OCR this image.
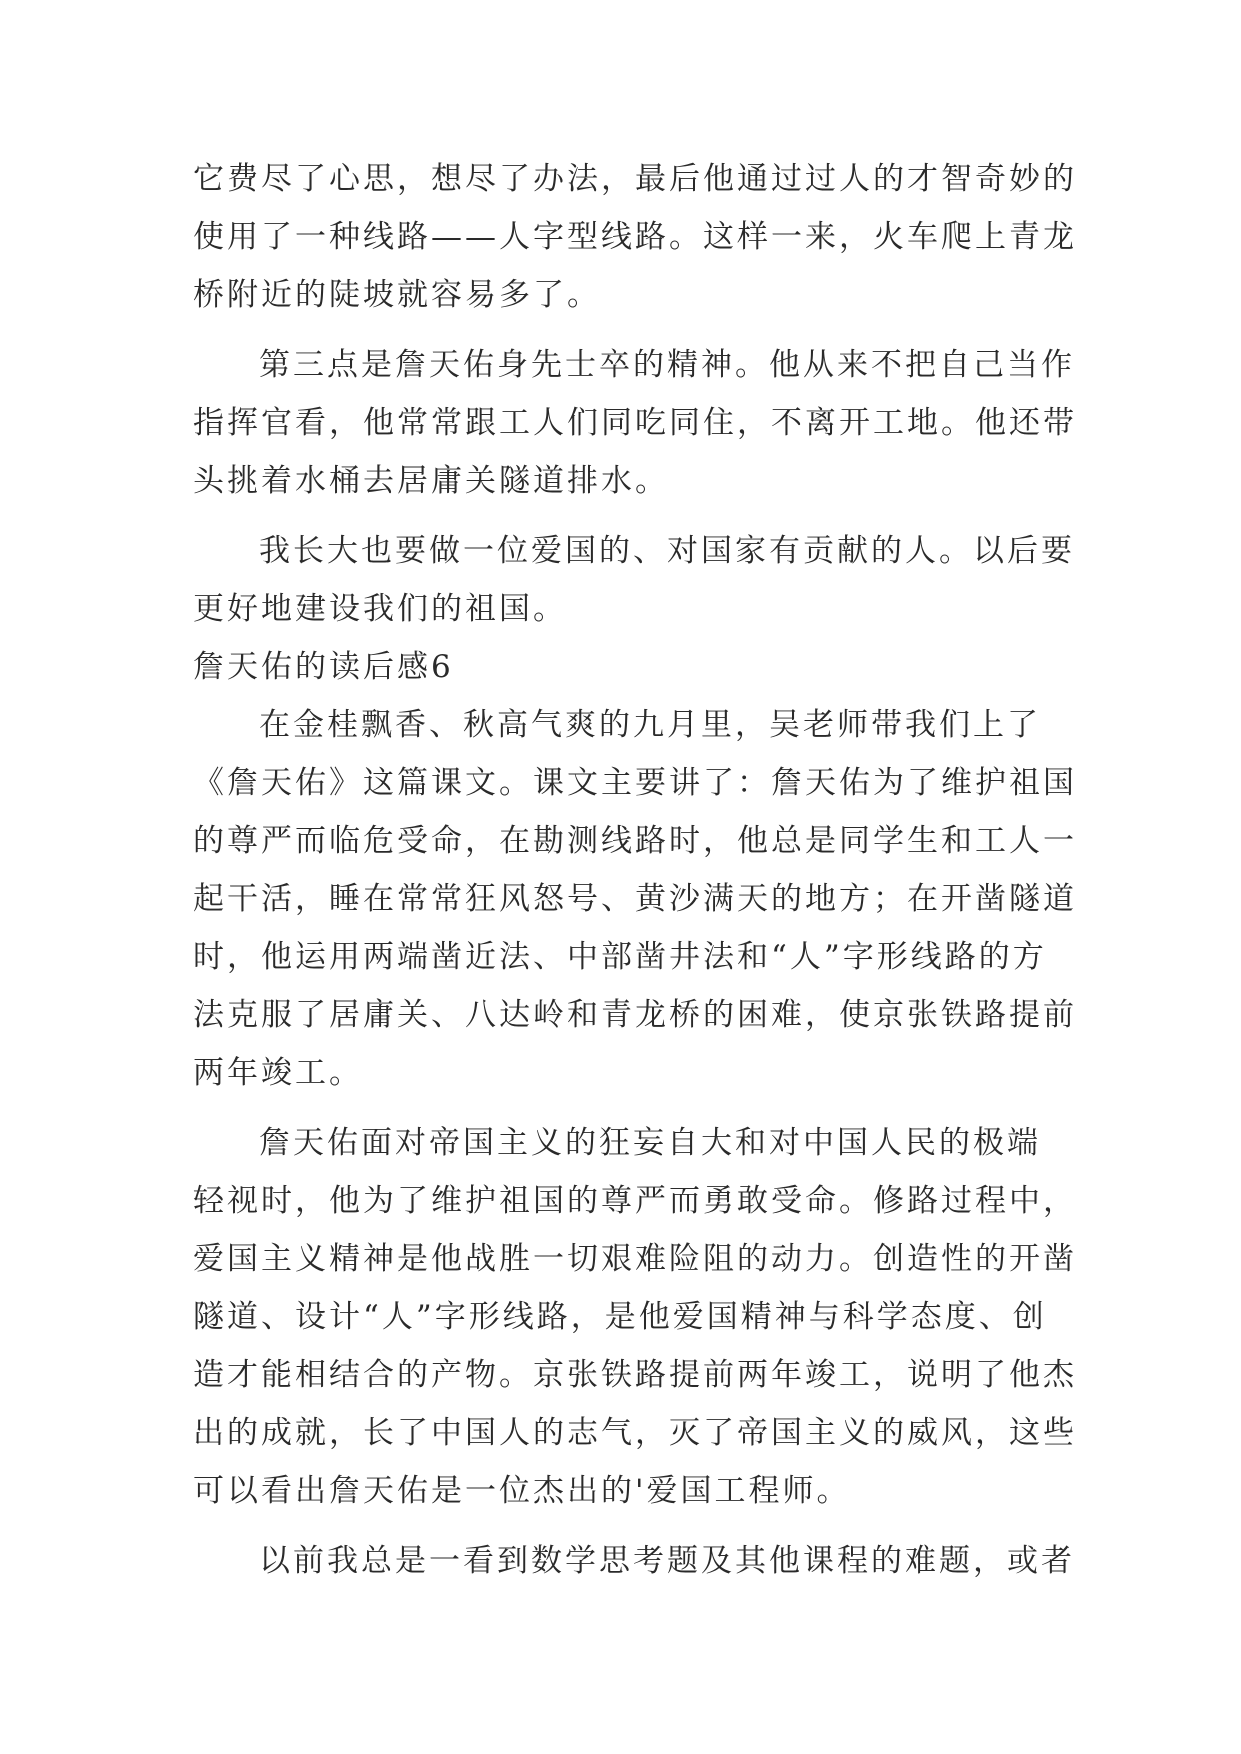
它费尽了心思，想尽了办法，最后他通过过人的才智奇妙的
使用了一种线路——人字型线路。这样一来，火车爬上青龙
桥附近的陡坡就容易多了。
第三点是詹天佑身先士卒的精神。他从来不把自己当作
指挥官看，他常常跟工人们同吃同住，不离开工地。他还带
头挑着水桶去居庸关隧道排水。
我长大也要做一位爱国的、对国家有贡献的人。以后要
更好地建设我们的祖国。
詹天佑的读后感6
在金桂飘香、秋高气爽的九月里，吴老师带我们上了
《詹天佑》这篇课文。课文主要讲了：詹天佑为了维护祖国
的尊严而临危受命，在勘测线路时，他总是同学生和工人一
起干活，睡在常常狂风怒号、黄沙满天的地方；在开凿隧道
时，他运用两端凿近法、中部凿井法和“人”字形线路的方
法克服了居庸关、八达岭和青龙桥的困难，使京张铁路提前
两年竣工。
詹天佑面对帝国主义的狂妄自大和对中国人民的极端
轻视时，他为了维护祖国的尊严而勇敢受命。修路过程中，
爱国主义精神是他战胜一切艰难险阻的动力。创造性的开凿
隧道、设计“人”字形线路，是他爱国精神与科学态度、创
造才能相结合的产物。京张铁路提前两年竣工，说明了他杰
出的成就，长了中国人的志气，灭了帝国主义的威风，这些
可以看出詹天佑是一位杰出的'爱国工程师。
以前我总是一看到数学思考题及其他课程的难题，或者
